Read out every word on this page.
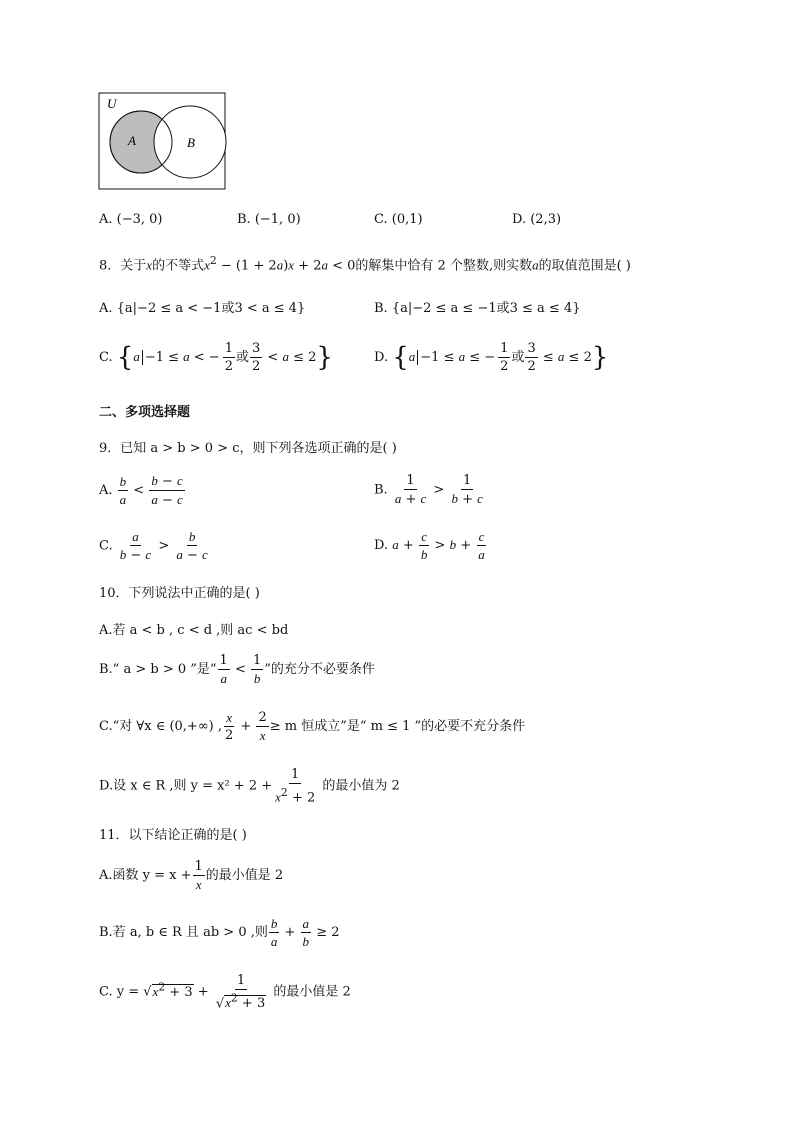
U
A	B
A. (−3, 0)	B. (−1, 0)	C. (0,1)	D. (2,3)
8．关于x的不等式$x^2 - (1 + 2a)x + 2a < 0$的解集中恰有 2 个整数,则实数a的取值范围是( )
A. {a|−2 ≤ a < −1或3 < a ≤ 4}	B. {a|−2 ≤ a ≤ −1或3 ≤ a ≤ 4}
C. {a −1 ≤ a < − $\frac{1}{2}$ 或 $\frac{3}{2} < a \le 2$}	D. {a −1 ≤ a ≤ − $\frac{1}{2}$ 或 $\frac{3}{2} \le a \le 2$}
二、多项选择题
9．已知 a > b > 0 > c，则下列各选项正确的是( )
A. $\frac{b}{a} < \frac{b - c}{a - c}$	B. $\frac{1}{a + c} > \frac{1}{b + c}$
C. $\frac{a}{b - c} > \frac{b}{a - c}$	D. $a + \frac{c}{b} > b + \frac{c}{a}$
10．下列说法中正确的是( )
A.若 a < b , c < d ,则 ac < bd
B.“ a > b > 0 ”是“ $\frac{1}{a} < \frac{1}{b}$ ”的充分不必要条件
C.“对 ∀x ∈ (0,+∞) , $\frac{x}{2} + \frac{2}{x} \ge m$ 恒成立”是“ m ≤ 1 ”的必要不充分条件
D.设 x ∈ R ,则 $y = x^2 + 2 + \frac{1}{x^2 + 2}$ 的最小值为 2
11．以下结论正确的是( )
A.函数 $y = x + \frac{1}{x}$ 的最小值是 2
B.若 a, b ∈ R 且 ab > 0 ,则 $\frac{b}{a} + \frac{a}{b} \ge 2$
C. $y = √x^2 + 3 + \frac{1}{√x^2 + 3}$ 的最小值是 2
